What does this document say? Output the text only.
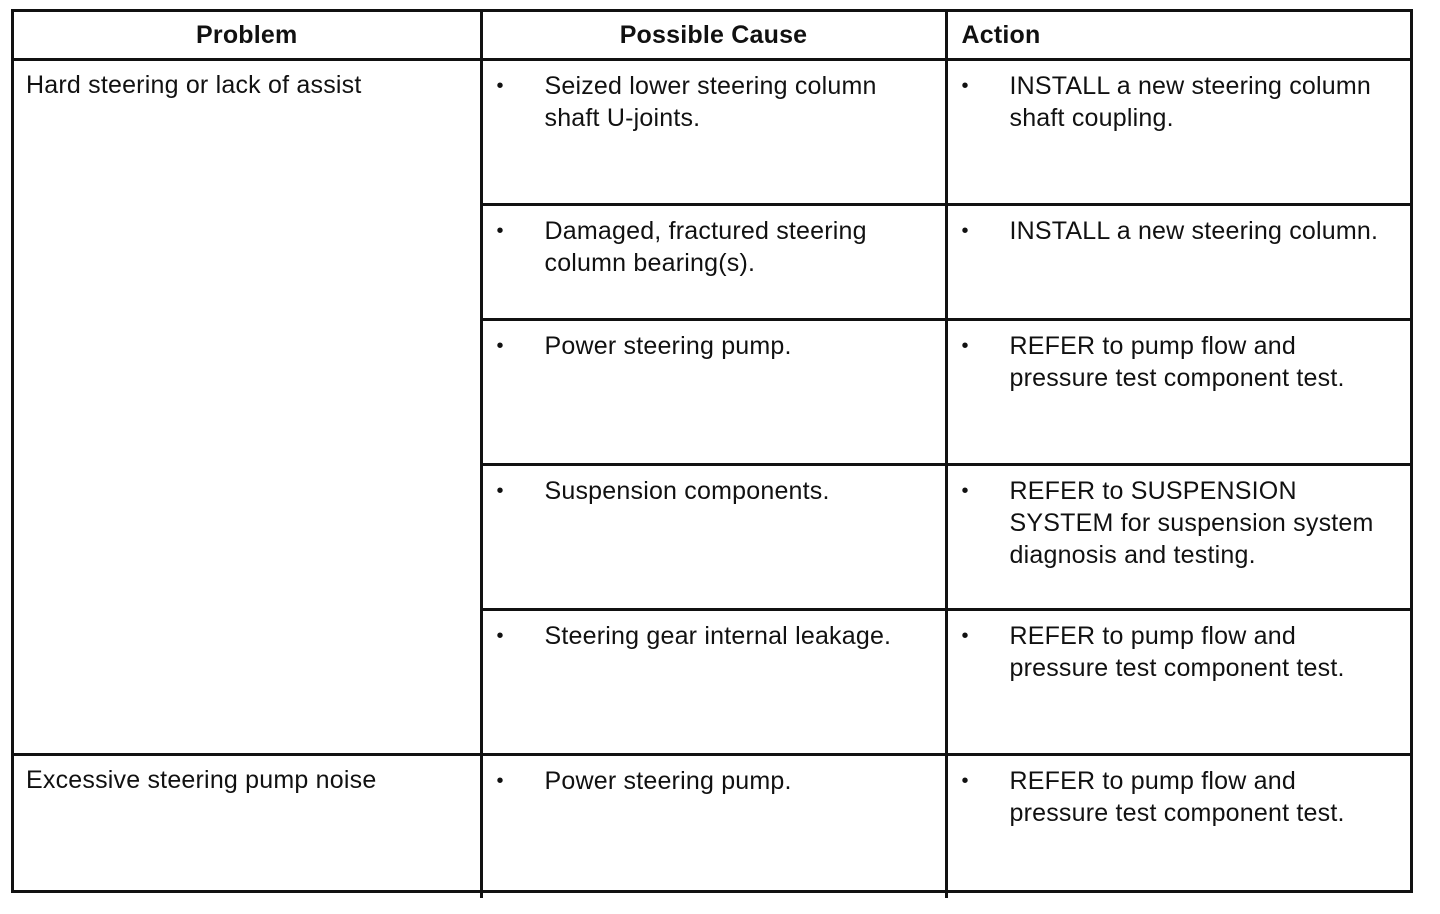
Problem	Possible Cause	Action

Hard steering or lack of assist	• Seized lower steering column shaft U-joints.	• INSTALL a new steering column shaft coupling.

	• Damaged, fractured steering column bearing(s).	• INSTALL a new steering column.

	• Power steering pump.	• REFER to pump flow and pressure test component test.

	• Suspension components.	• REFER to SUSPENSION SYSTEM for suspension system diagnosis and testing.

	• Steering gear internal leakage.	• REFER to pump flow and pressure test component test.

Excessive steering pump noise	• Power steering pump.	• REFER to pump flow and pressure test component test.
